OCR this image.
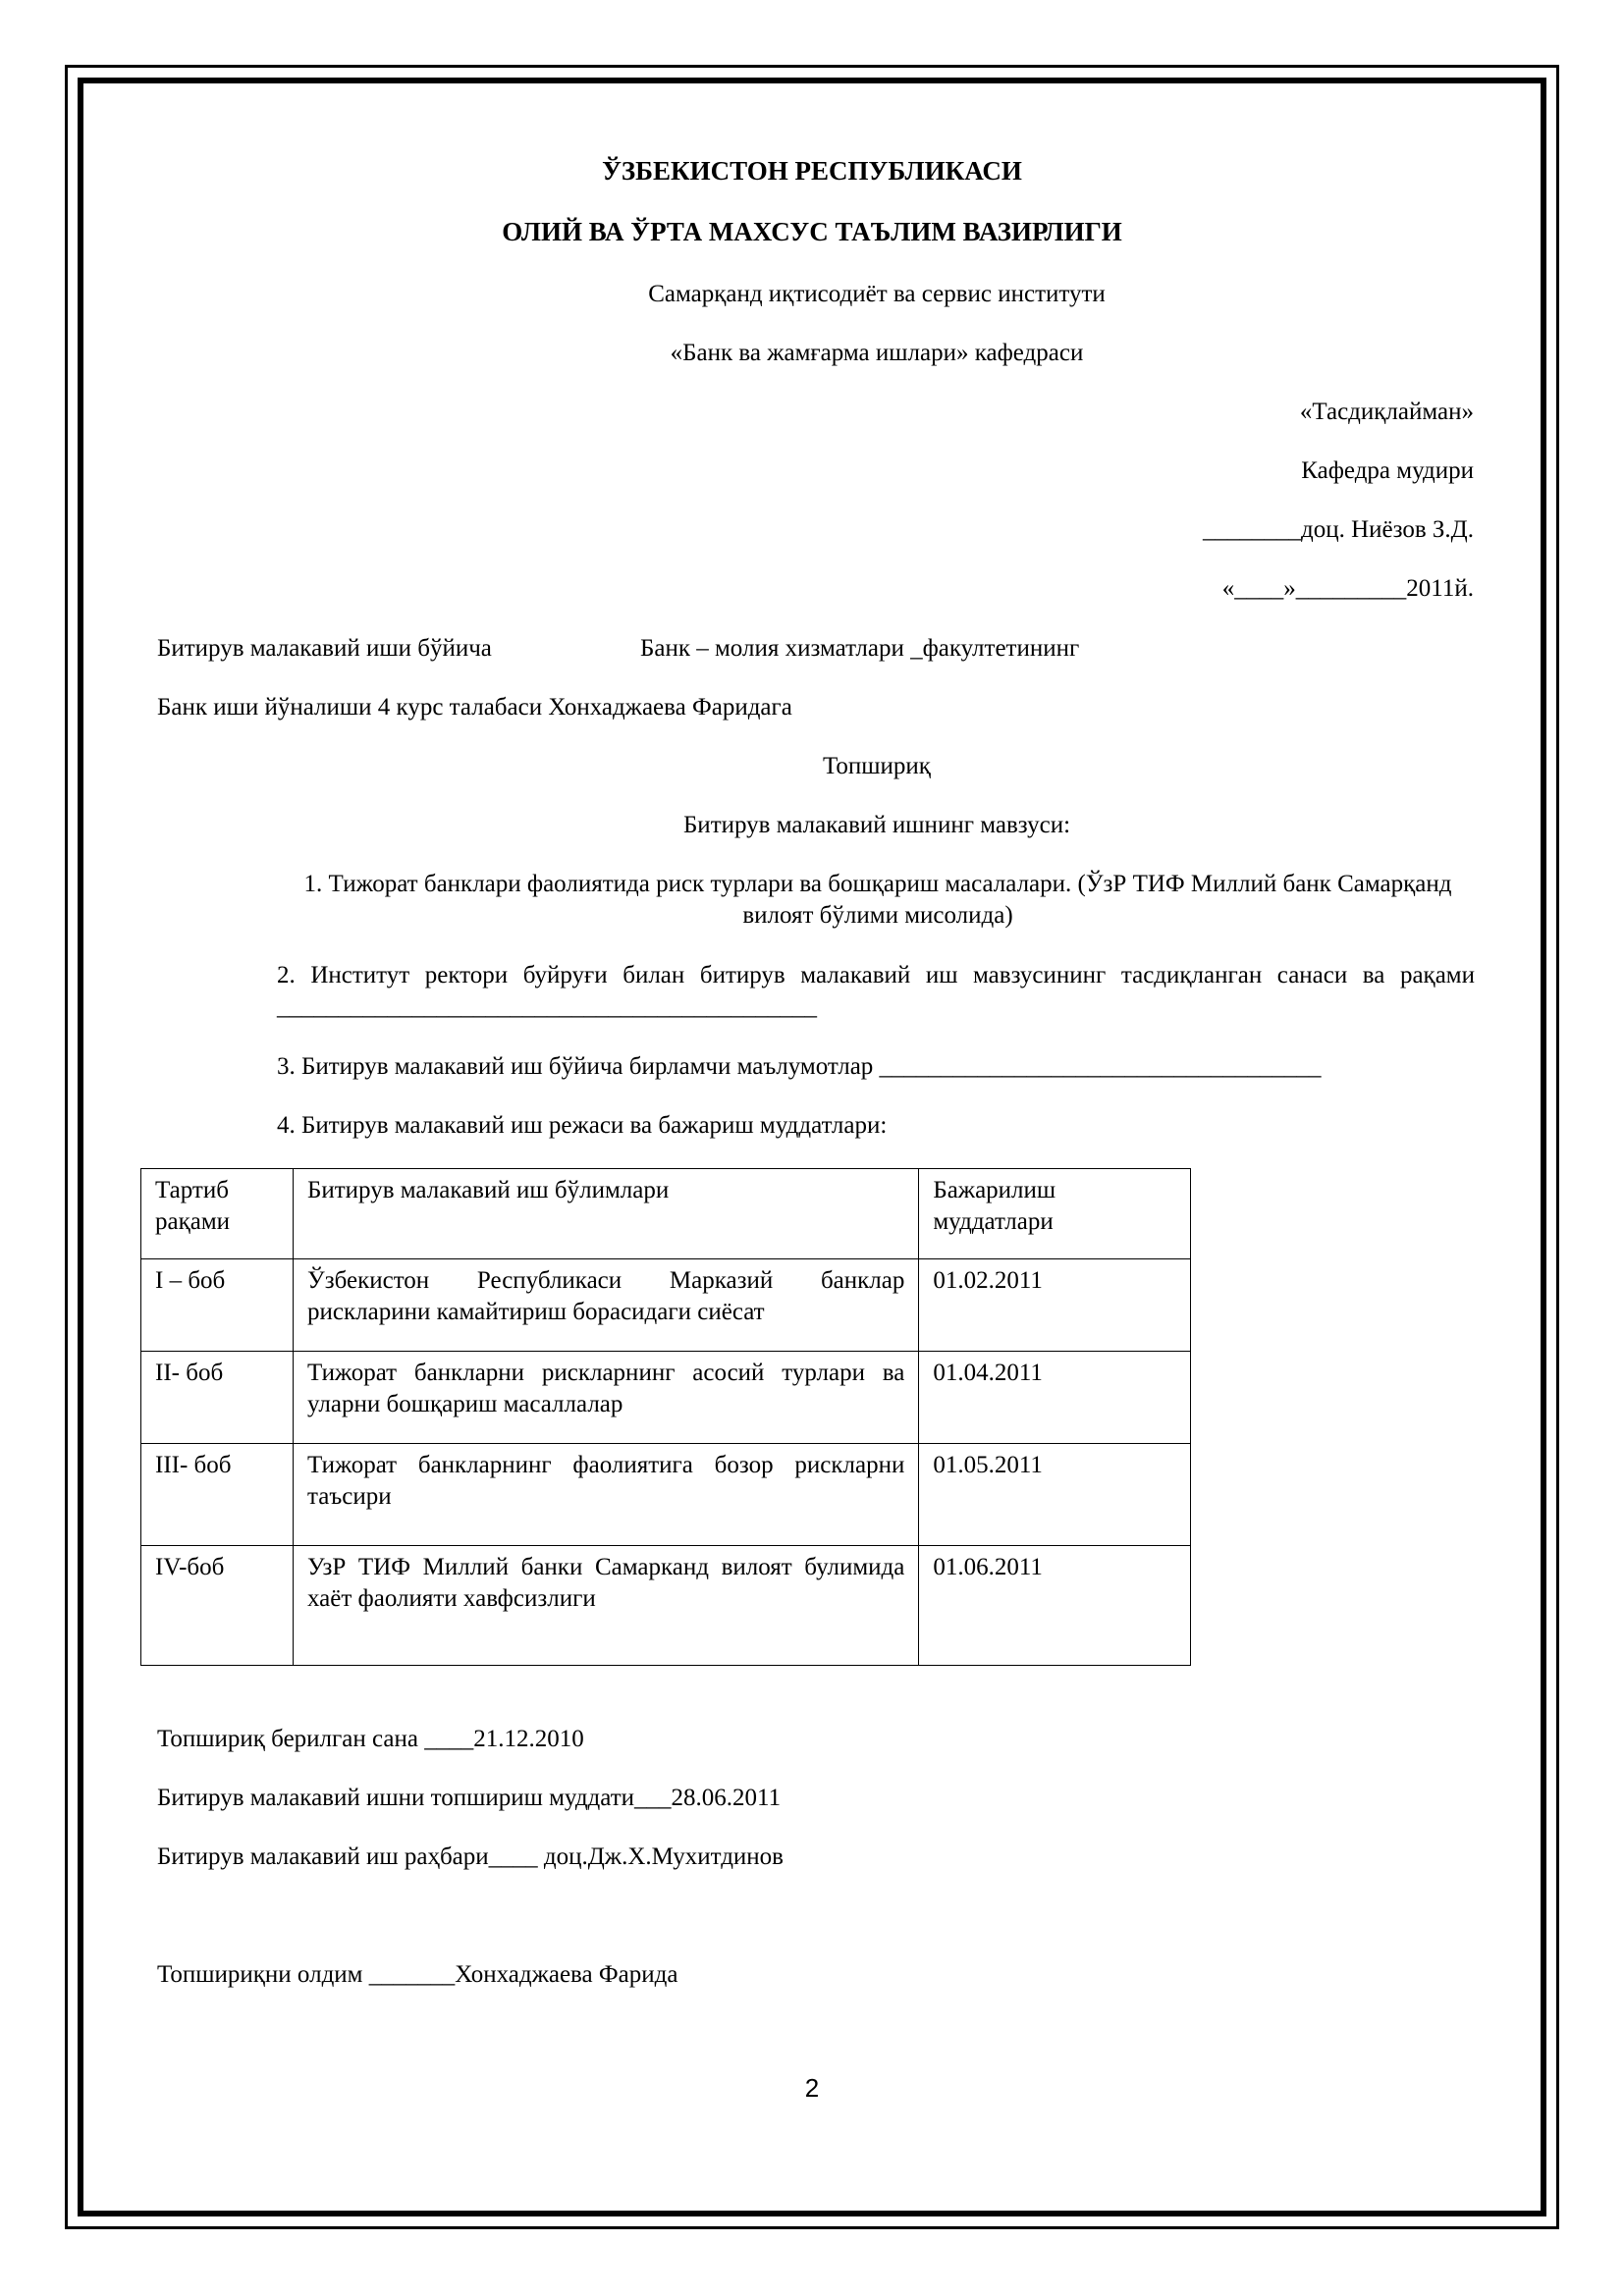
ЎЗБЕКИСТОН РЕСПУБЛИКАСИ
ОЛИЙ ВА ЎРТА МАХСУС ТАЪЛИМ ВАЗИРЛИГИ
Самарқанд иқтисодиёт ва сервис институти
«Банк ва жамғарма ишлари» кафедраси
«Тасдиқлайман»
Кафедра мудири
________доц. Ниёзов З.Д.
«____»_________2011й.
Битирув малакавий иши бўйича	Банк – молия хизматлари _факултетининг
Банк иши йўналиши 4 курс талабаси Хонхаджаева Фаридага
Топшириқ
Битирув малакавий ишнинг мавзуси:
1. Тижорат банклари фаолиятида риск турлари ва бошқариш масалалари. (ЎзР ТИФ Миллий банк Самарқанд вилоят бўлими мисолида)
2. Институт ректори буйруғи билан битирув малакавий иш мавзусининг тасдиқланган санаси ва рақами ____________________________________________
3. Битирув малакавий иш бўйича бирламчи маълумотлар ____________________________________
4. Битирув малакавий иш режаси ва бажариш муддатлари:
Тартиб рақами	Битирув малакавий иш бўлимлари	Бажарилиш муддатлари
I – боб	Ўзбекистон Республикаси Марказий банклар рискларини камайтириш борасидаги сиёсат	01.02.2011
II- боб	Тижорат банкларни рискларнинг асосий турлари ва уларни бошқариш масаллалар	01.04.2011
III- боб	Тижорат банкларнинг фаолиятига бозор рискларни таъсири	01.05.2011
IV-боб	УзР ТИФ Миллий банки Самарканд вилоят булимида хаёт фаолияти хавфсизлиги	01.06.2011
Топшириқ берилган сана ____21.12.2010
Битирув малакавий ишни топшириш муддати___28.06.2011
Битирув малакавий иш раҳбари____ доц.Дж.Х.Мухитдинов
Топшириқни олдим _______Хонхаджаева Фарида
2
